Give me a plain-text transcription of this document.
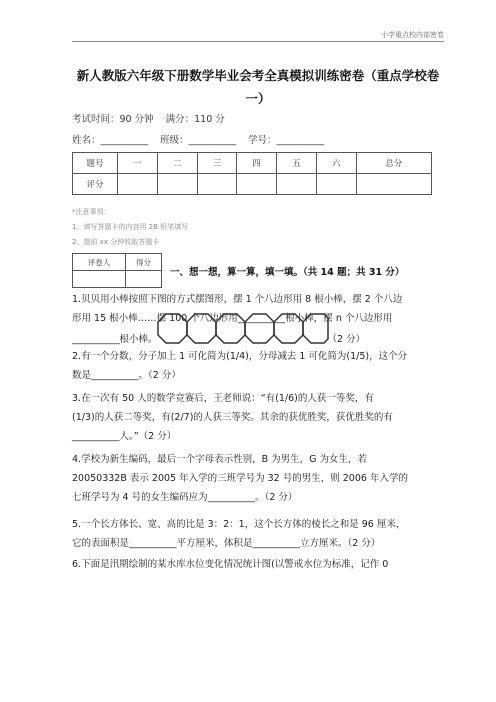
小学重点校内部密卷
新人教版六年级下册数学毕业会考全真模拟训练密卷（重点学校卷
一）
考试时间：90 分钟 满分：110 分
姓名：__________ 班级：__________ 学号：__________
题号	一	二	三	四	五	六	总分
评分							
*注意事项：
1、填写答题卡的内容用 2B 铅笔填写
2、提前 xx 分钟收取答题卡
评卷人	得分

一、想一想，算一算，填一填。（共 14 题；共 31 分）
1.贝贝用小棒按照下图的方式摆图形，摆 1 个八边形用 8 根小棒，摆 2 个八边
形用 15 根小棒……摆 100 个八边形用__________根小棒，摆 n 个八边形用
__________根小棒。	（2 分）
2.有一个分数，分子加上 1 可化简为(1/4)，分母减去 1 可化简为(1/5)，这个分
数是__________。（2 分）
3.在一次有 50 人的数学竞赛后，王老师说：“有(1/6)的人获一等奖，有
(1/3)的人获二等奖，有(2/7)的人获三等奖。其余的获优胜奖，获优胜奖的有
__________人。”（2 分）
4.学校为新生编码，最后一个字母表示性别，B 为男生，G 为女生，若
20050332B 表示 2005 年入学的三班学号为 32 号的男生，则 2006 年入学的
七班学号为 4 号的女生编码应为__________。（2 分）
5.一个长方体长、宽、高的比是 3：2：1，这个长方体的棱长之和是 96 厘米，
它的表面积是__________平方厘米，体积是__________立方厘米。（2 分）
6.下面是汛期绘制的某水库水位变化情况统计图(以警戒水位为标准，记作 0
